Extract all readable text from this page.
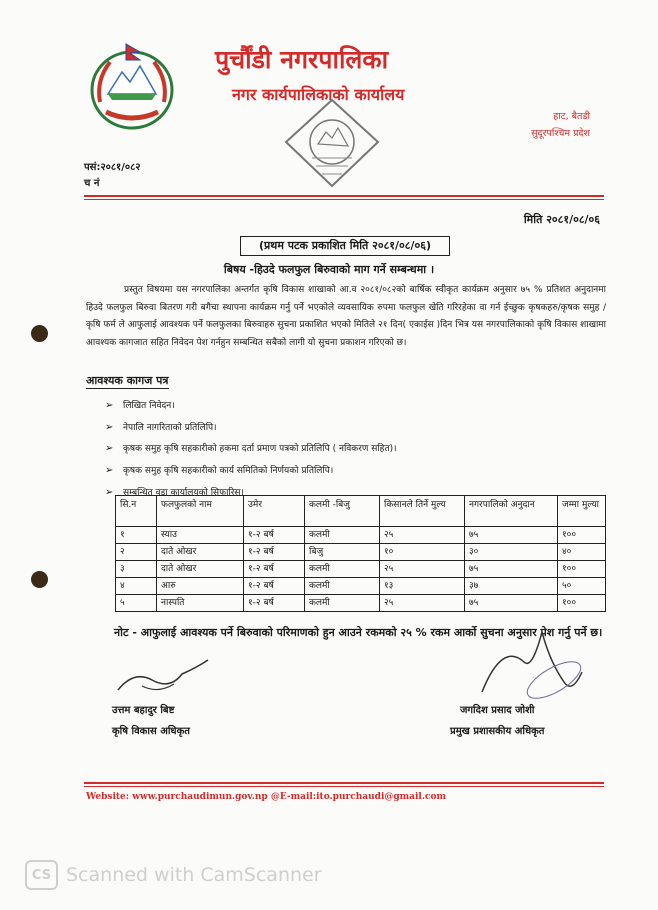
पुर्चौंडी नगरपालिका
नगर कार्यपालिकाको कार्यालय
हाट, बैतडी
सुदूरपश्चिम प्रदेश
पसं:२०८१/०८२
च नं
मिति २०८१/०८/०६
(प्रथम पटक प्रकाशित मिति २०८१/०८/०६)
बिषय -हिउदे फलफुल बिरुवाको माग गर्ने सम्बन्धमा ।

प्रस्तुत विषयमा यस नगरपालिका अन्तर्गत कृषि विकास शाखाको आ.व २०८१/०८२को बार्षिक स्वीकृत कार्यक्रम अनुसार ७५ % प्रतिशत अनुदानमा हिउदे फलफुल बिरुवा बितरण गरी बगैचा स्थापना कार्यक्रम गर्नु पर्ने भएकोले व्यवसायिक रुपमा फलफुल खेति गरिरहेका वा गर्न ईच्छुक कृषकहरु/कृषक समुह /कृषि फर्म ले आफुलाई आवश्यक पर्ने फलफुलका बिरुवाहरु सुचना प्रकाशित भएको मितिले २१ दिन( एकाईस )दिन भित्र यस नगरपालिकाको कृषि विकास शाखामा आवश्यक कागजात सहित निवेदन पेश गर्नहुन सम्बन्धित सबैको लागी यो सुचना प्रकाशन गरिएको छ।

आवश्यक कागज पत्र
➢ लिखित निवेदन।
➢ नेपालि नागरिताको प्रतिलिपि।
➢ कृषक समुह कृषि सहकारीको हकमा दर्ता प्रमाण पत्रको प्रतिलिपि ( नविकरण सहित)।
➢ कृषक समुह कृषि सहकारीको कार्य समितिको निर्णयको प्रतिलिपि।
➢ सम्बन्धित वडा कार्यालयको सिफारिस।
सि.न	फलफुलको नाम	उमेर	कलमी -बिजु	किसानले तिर्ने मुल्य	नगरपालिको अनुदान	जम्मा मुल्या
१	स्याउ	१-२ बर्ष	कलमी	२५	७५	१००
२	दाते ओखर	१-२ बर्ष	बिजु	१०	३०	४०
३	दाते ओखर	१-२ बर्ष	कलमी	२५	७५	१००
४	आरु	१-२ बर्ष	कलमी	१३	३७	५०
५	नास्पति	१-२ बर्ष	कलमी	२५	७५	१००
नोट - आफुलाई आवश्यक पर्ने बिरुवाको परिमाणको हुन आउने रकमको २५ % रकम आर्को सुचना अनुसार पेश गर्नु पर्ने छ।
उत्तम बहादुर बिष्ट
कृषि विकास अधिकृत
जगदिश प्रसाद जोशी
प्रमुख प्रशासकीय अधिकृत
Website: www.purchaudimun.gov.np @E-mail:ito.purchaudi@gmail.com
CS Scanned with CamScanner
